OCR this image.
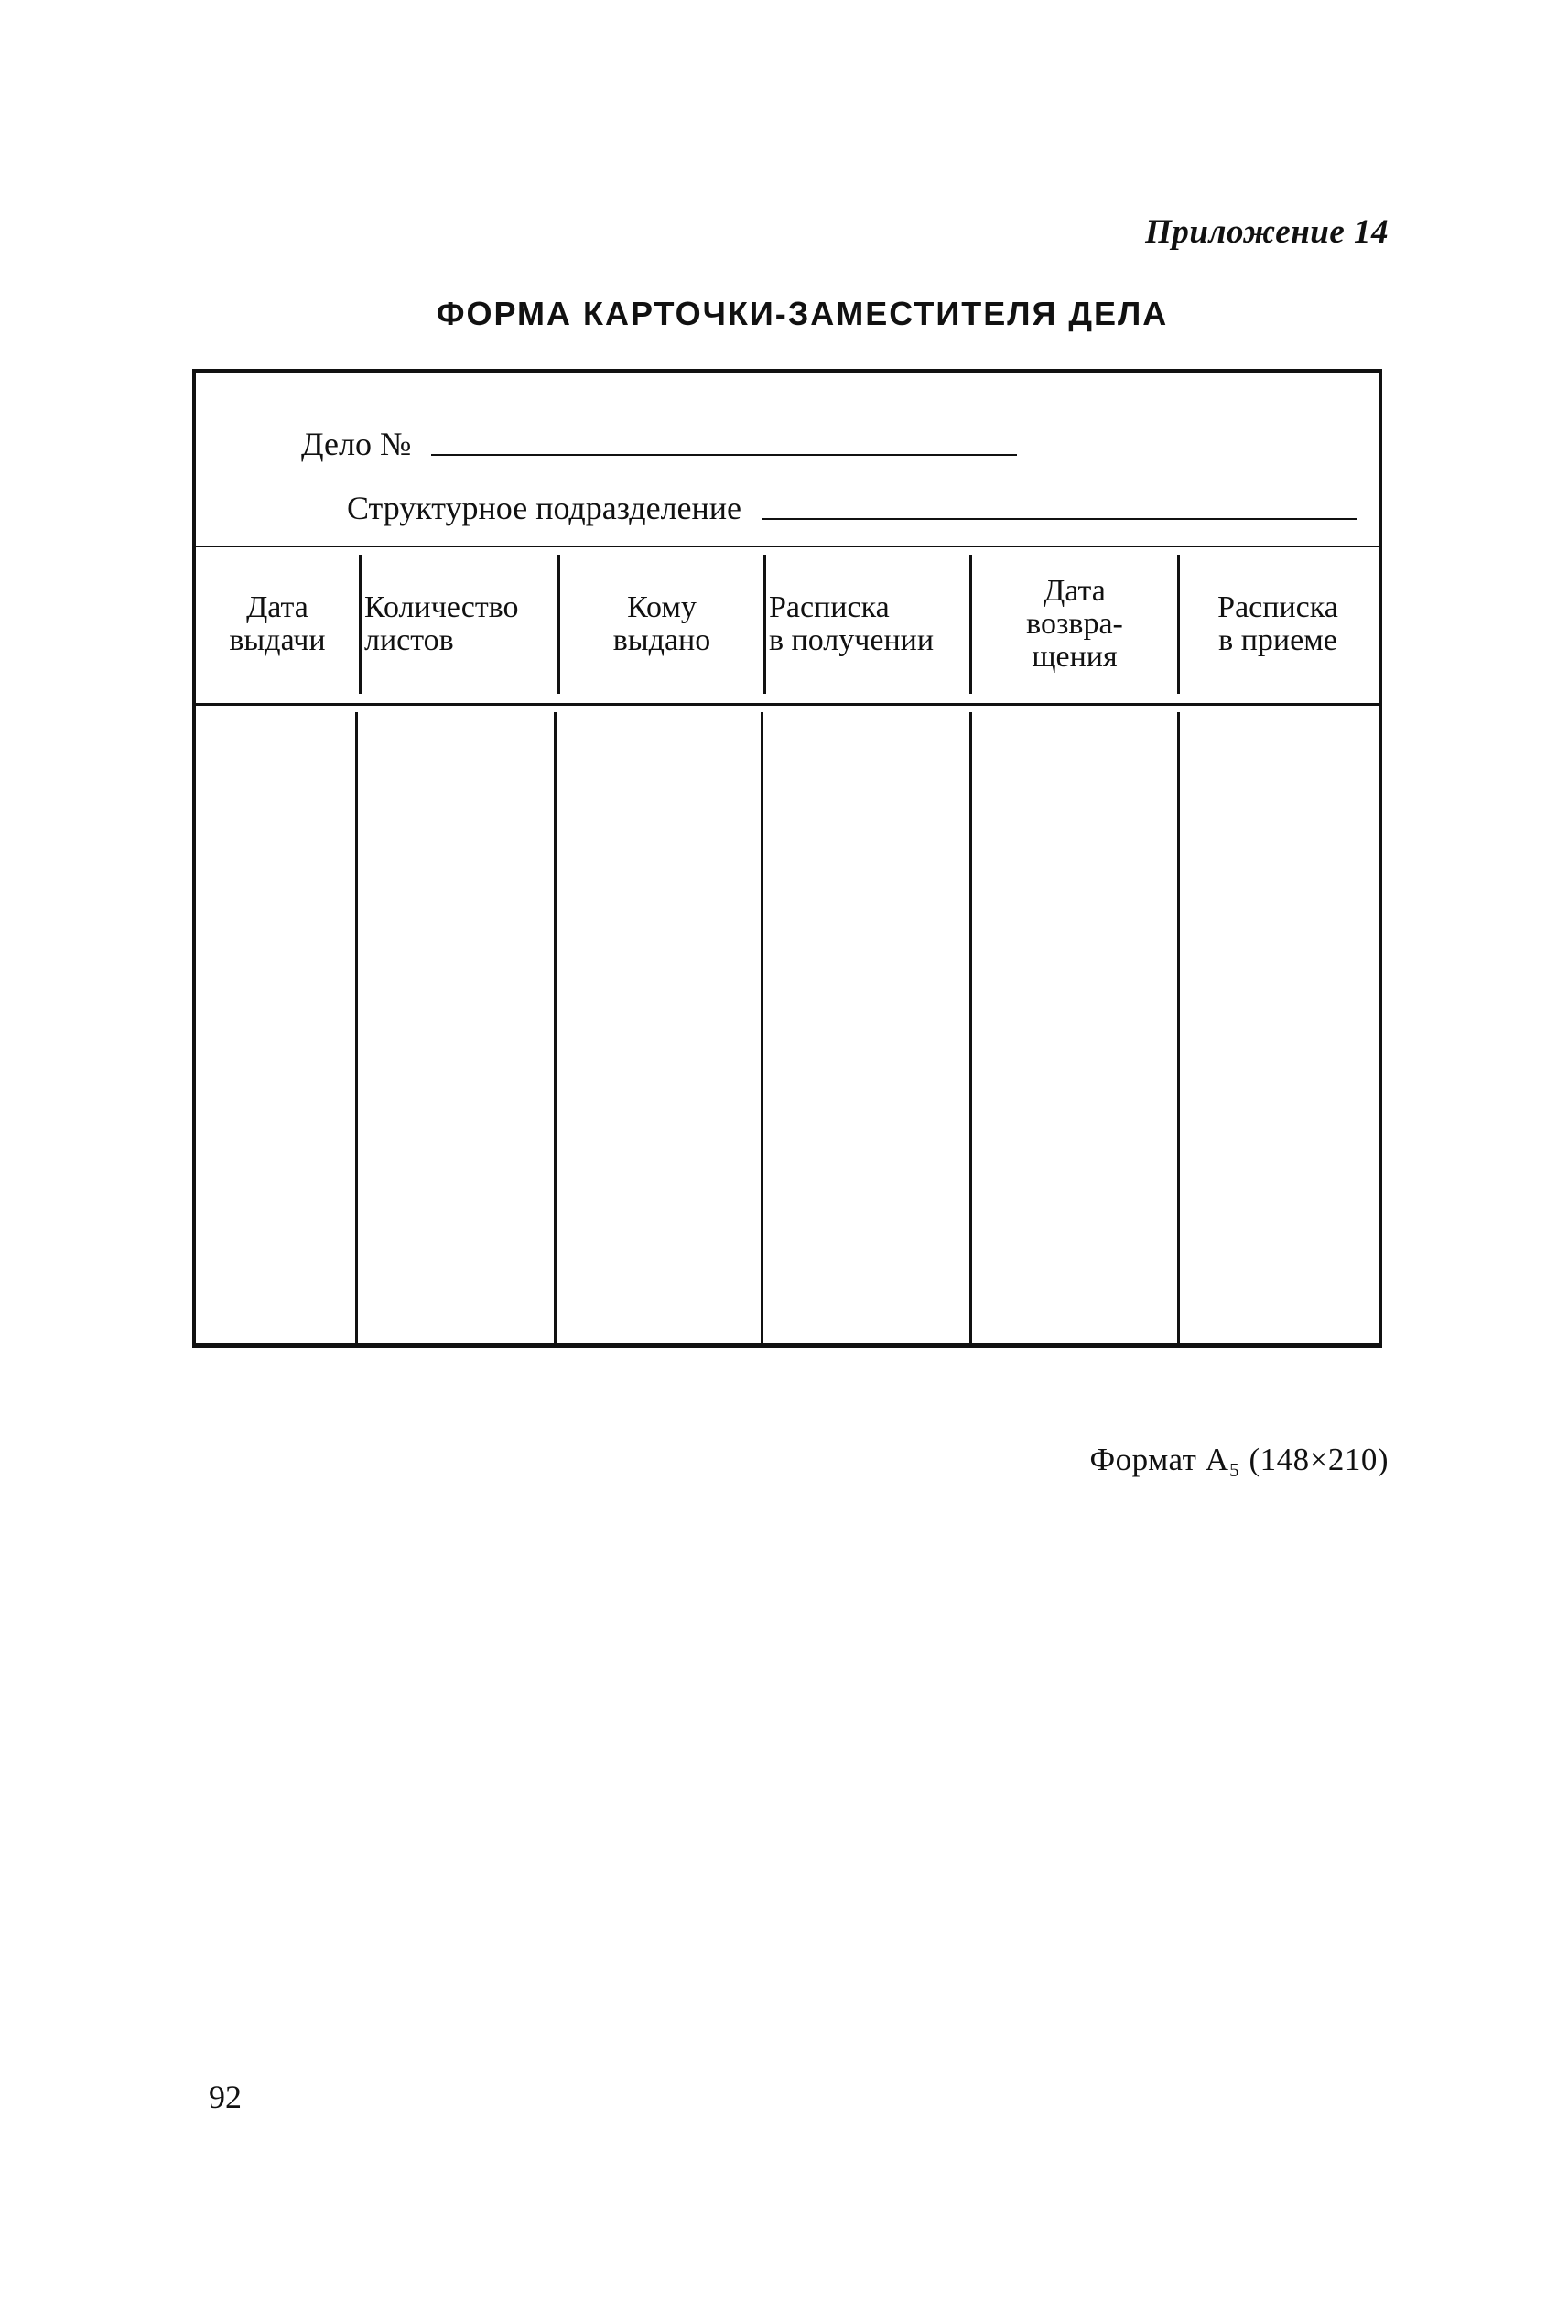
Приложение 14
ФОРМА КАРТОЧКИ-ЗАМЕСТИТЕЛЯ ДЕЛА
Дело №
Структурное подразделение
Дата
выдачи
Количество
листов
Кому
выдано
Расписка
в получении
Дата
возвра-
щения
Расписка
в приеме
Формат A₅ (148×210)
92
